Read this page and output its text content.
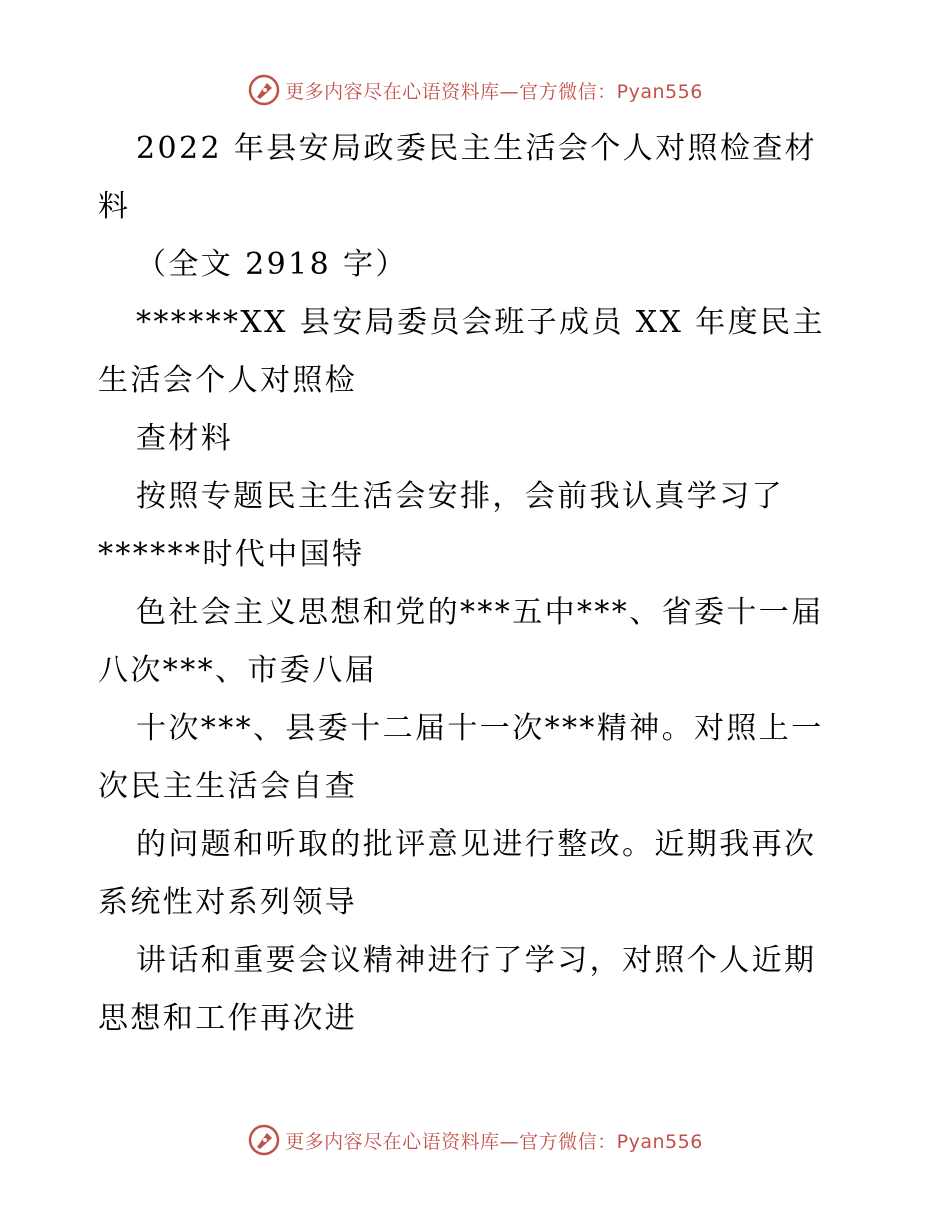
更多内容尽在心语资料库—官方微信：Pyan556
2022 年县安局政委民主生活会个人对照检查材
料
（全文 2918 字）
******XX 县安局委员会班子成员 XX 年度民主
生活会个人对照检
查材料
按照专题民主生活会安排，会前我认真学习了
******时代中国特
色社会主义思想和党的***五中***、省委十一届
八次***、市委八届
十次***、县委十二届十一次***精神。对照上一
次民主生活会自查
的问题和听取的批评意见进行整改。近期我再次
系统性对系列领导
讲话和重要会议精神进行了学习，对照个人近期
思想和工作再次进
更多内容尽在心语资料库—官方微信：Pyan556
